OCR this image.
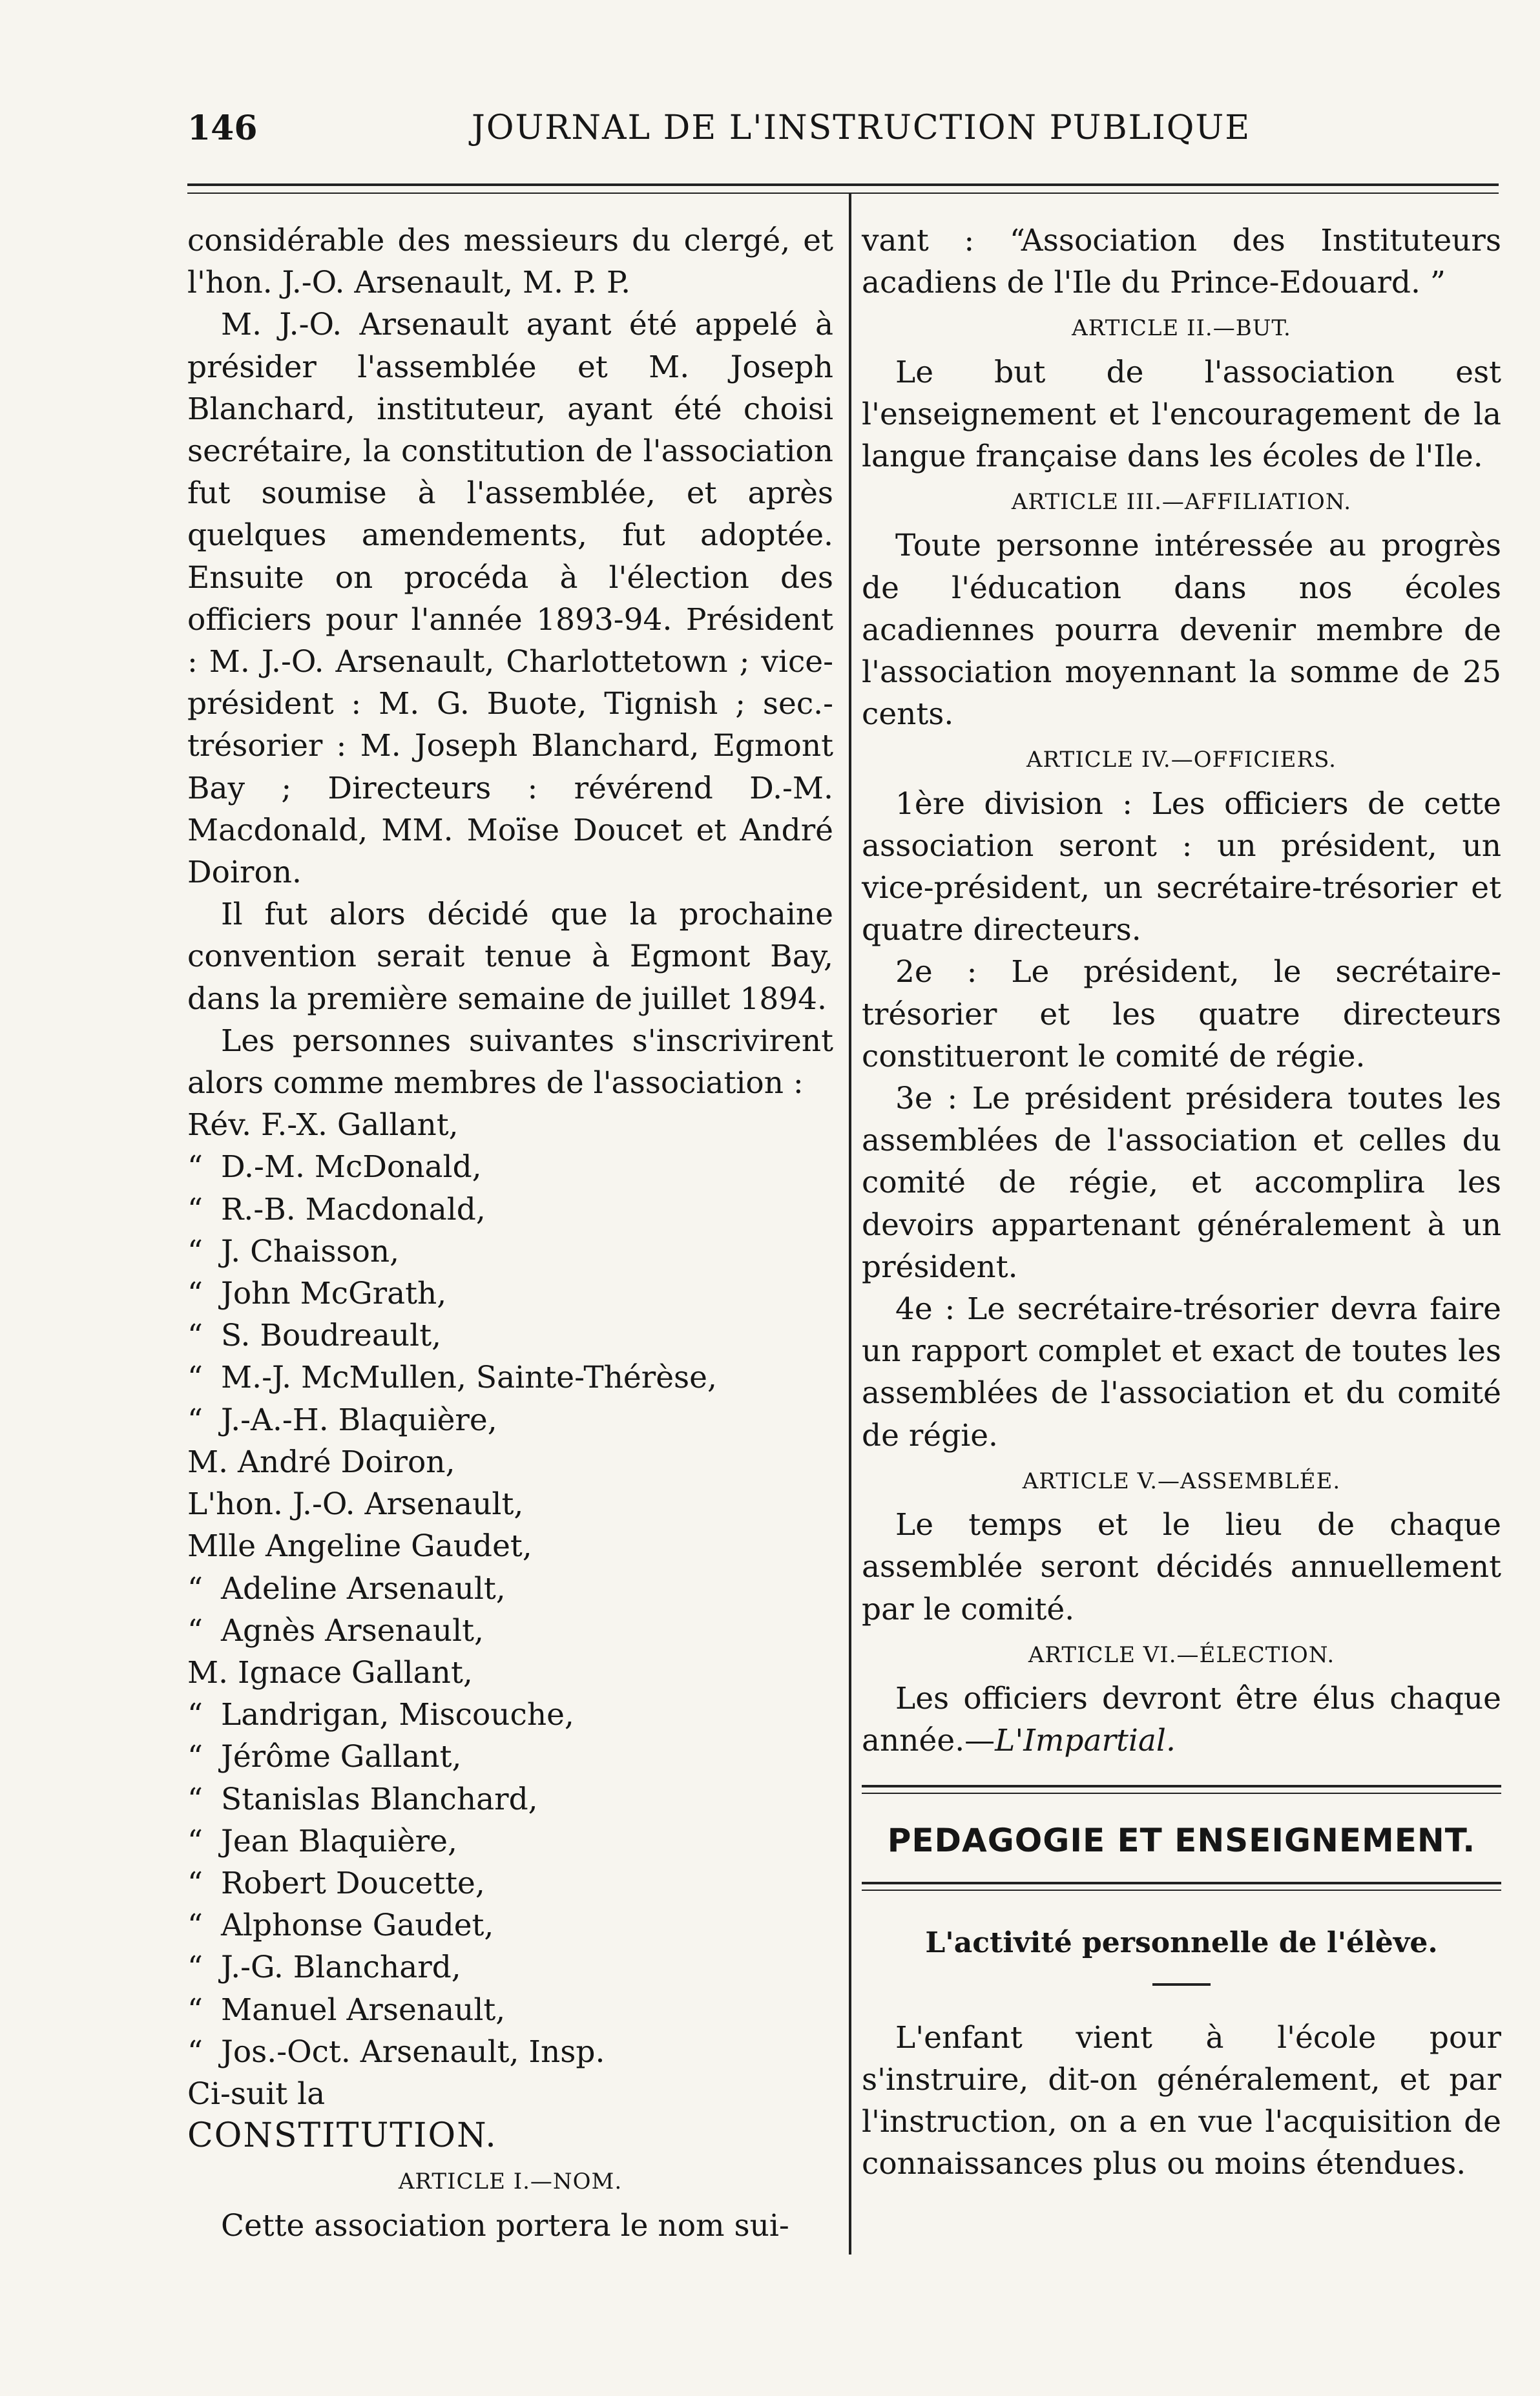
146	JOURNAL DE L'INSTRUCTION PUBLIQUE

considérable des messieurs du clergé, et l'hon. J.-O. Arsenault, M. P. P.

M. J.-O. Arsenault ayant été appelé à présider l'assemblée et M. Joseph Blanchard, instituteur, ayant été choisi secrétaire, la constitution de l'association fut soumise à l'assemblée, et après quelques amendements, fut adoptée. Ensuite on procéda à l'élection des officiers pour l'année 1893-94. Président : M. J.-O. Arsenault, Charlottetown ; vice-président : M. G. Buote, Tignish ; sec.-trésorier : M. Joseph Blanchard, Egmont Bay ; Directeurs : révérend D.-M. Macdonald, MM. Moïse Doucet et André Doiron.

Il fut alors décidé que la prochaine convention serait tenue à Egmont Bay, dans la première semaine de juillet 1894.

Les personnes suivantes s'inscrivirent alors comme membres de l'association :

Rév. F.-X. Gallant,
“ D.-M. McDonald,
“ R.-B. Macdonald,
“ J. Chaisson,
“ John McGrath,
“ S. Boudreault,
“ M.-J. McMullen, Sainte-Thérèse,
“ J.-A.-H. Blaquière,
M. André Doiron,
L'hon. J.-O. Arsenault,
Mlle Angeline Gaudet,
“ Adeline Arsenault,
“ Agnès Arsenault,
M. Ignace Gallant,
“ Landrigan, Miscouche,
“ Jérôme Gallant,
“ Stanislas Blanchard,
“ Jean Blaquière,
“ Robert Doucette,
“ Alphonse Gaudet,
“ J.-G. Blanchard,
“ Manuel Arsenault,
“ Jos.-Oct. Arsenault, Insp.

Ci-suit la

CONSTITUTION.

ARTICLE I.—NOM.

Cette association portera le nom sui-

vant : “Association des Instituteurs acadiens de l'Ile du Prince-Edouard. ”

ARTICLE II.—BUT.

Le but de l'association est l'enseignement et l'encouragement de la langue française dans les écoles de l'Ile.

ARTICLE III.—AFFILIATION.

Toute personne intéressée au progrès de l'éducation dans nos écoles acadiennes pourra devenir membre de l'association moyennant la somme de 25 cents.

ARTICLE IV.—OFFICIERS.

1ère division : Les officiers de cette association seront : un président, un vice-président, un secrétaire-trésorier et quatre directeurs.

2e : Le président, le secrétaire-trésorier et les quatre directeurs constitueront le comité de régie.

3e : Le président présidera toutes les assemblées de l'association et celles du comité de régie, et accomplira les devoirs appartenant généralement à un président.

4e : Le secrétaire-trésorier devra faire un rapport complet et exact de toutes les assemblées de l'association et du comité de régie.

ARTICLE V.—ASSEMBLÉE.

Le temps et le lieu de chaque assemblée seront décidés annuellement par le comité.

ARTICLE VI.—ÉLECTION.

Les officiers devront être élus chaque année.—L'Impartial.

PEDAGOGIE ET ENSEIGNEMENT.
L'activité personnelle de l'élève.

L'enfant vient à l'école pour s'instruire, dit-on généralement, et par l'instruction, on a en vue l'acquisition de connaissances plus ou moins étendues.
